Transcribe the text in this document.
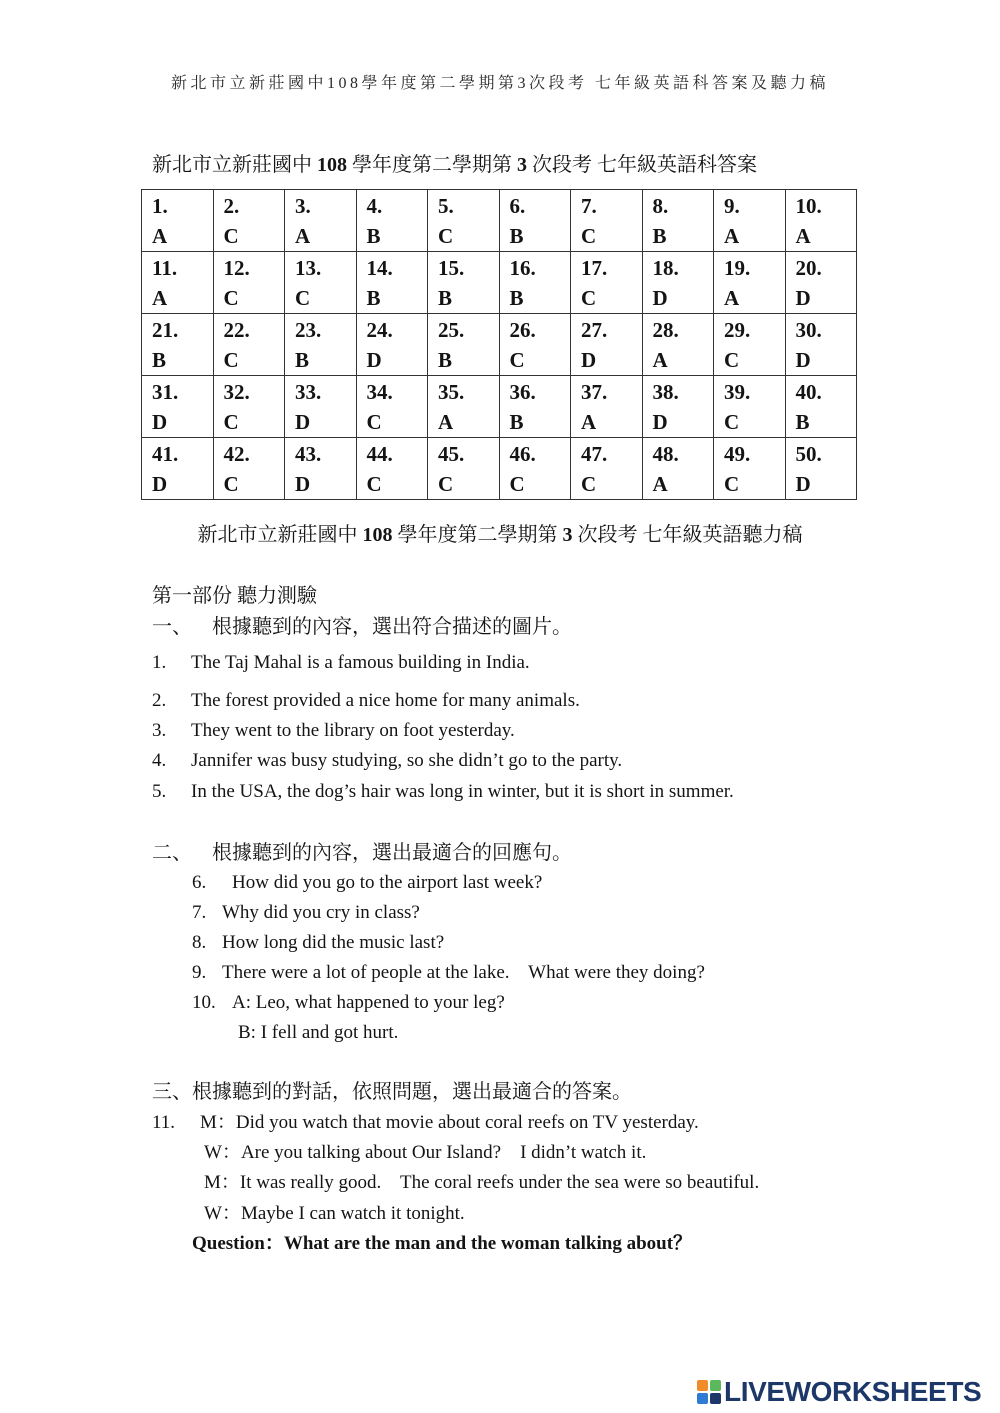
新北市立新莊國中108學年度第二學期第3次段考 七年級英語科答案及聽力稿
新北市立新莊國中 108 學年度第二學期第 3 次段考 七年級英語科答案
1.
A	2.
C	3.
A	4.
B	5.
C	6.
B	7.
C	8.
B	9.
A	10.
A

11.
A	12.
C	13.
C	14.
B	15.
B	16.
B	17.
C	18.
D	19.
A	20.
D

21.
B	22.
C	23.
B	24.
D	25.
B	26.
C	27.
D	28.
A	29.
C	30.
D

31.
D	32.
C	33.
D	34.
C	35.
A	36.
B	37.
A	38.
D	39.
C	40.
B

41.
D	42.
C	43.
D	44.
C	45.
C	46.
C	47.
C	48.
A	49.
C	50.
D
新北市立新莊國中 108 學年度第二學期第 3 次段考 七年級英語聽力稿
第一部份 聽力測驗
一、	根據聽到的內容，選出符合描述的圖片。
1.	The Taj Mahal is a famous building in India.
2.	The forest provided a nice home for many animals.
3.	They went to the library on foot yesterday.
4.	Jannifer was busy studying, so she didn’t go to the party.
5.	In the USA, the dog’s hair was long in winter, but it is short in summer.
二、	根據聽到的內容，選出最適合的回應句。
6.	How did you go to the airport last week?
7. Why did you cry in class?
8. How long did the music last?
9. There were a lot of people at the lake.    What were they doing?
10. A: Leo, what happened to your leg?
B: I fell and got hurt.
三、 根據聽到的對話，依照問題，選出最適合的答案。
11.	M： Did you watch that movie about coral reefs on TV yesterday.
W： Are you talking about Our Island?    I didn’t watch it.
M： It was really good.    The coral reefs under the sea were so beautiful.
W： Maybe I can watch it tonight.
Question： What are the man and the woman talking about？
LIVEWORKSHEETS
